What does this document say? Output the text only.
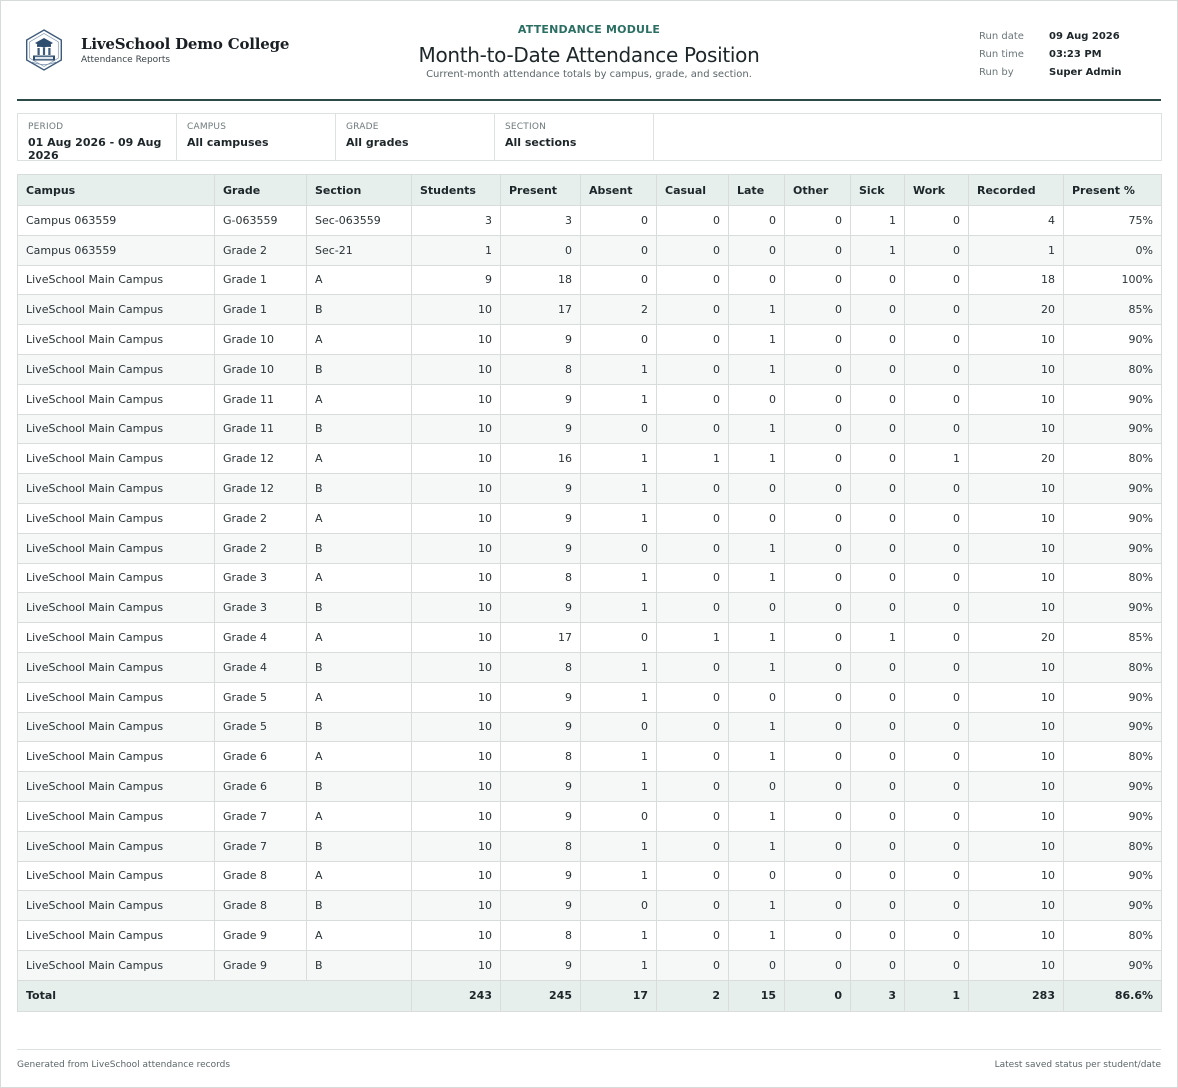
LiveSchool Demo College
Attendance Reports
ATTENDANCE MODULE
Month-to-Date Attendance Position
Current-month attendance totals by campus, grade, and section.
Run date	09 Aug 2026
Run time	03:23 PM
Run by	Super Admin
PERIOD
01 Aug 2026 - 09 Aug 2026
CAMPUS
All campuses
GRADE
All grades
SECTION
All sections
Campus	Grade	Section	Students	Present	Absent	Casual	Late	Other	Sick	Work	Recorded	Present %
Campus 063559	G-063559	Sec-063559	3	3	0	0	0	0	1	0	4	75%
Campus 063559	Grade 2	Sec-21	1	0	0	0	0	0	1	0	1	0%
LiveSchool Main Campus	Grade 1	A	9	18	0	0	0	0	0	0	18	100%
LiveSchool Main Campus	Grade 1	B	10	17	2	0	1	0	0	0	20	85%
LiveSchool Main Campus	Grade 10	A	10	9	0	0	1	0	0	0	10	90%
LiveSchool Main Campus	Grade 10	B	10	8	1	0	1	0	0	0	10	80%
LiveSchool Main Campus	Grade 11	A	10	9	1	0	0	0	0	0	10	90%
LiveSchool Main Campus	Grade 11	B	10	9	0	0	1	0	0	0	10	90%
LiveSchool Main Campus	Grade 12	A	10	16	1	1	1	0	0	1	20	80%
LiveSchool Main Campus	Grade 12	B	10	9	1	0	0	0	0	0	10	90%
LiveSchool Main Campus	Grade 2	A	10	9	1	0	0	0	0	0	10	90%
LiveSchool Main Campus	Grade 2	B	10	9	0	0	1	0	0	0	10	90%
LiveSchool Main Campus	Grade 3	A	10	8	1	0	1	0	0	0	10	80%
LiveSchool Main Campus	Grade 3	B	10	9	1	0	0	0	0	0	10	90%
LiveSchool Main Campus	Grade 4	A	10	17	0	1	1	0	1	0	20	85%
LiveSchool Main Campus	Grade 4	B	10	8	1	0	1	0	0	0	10	80%
LiveSchool Main Campus	Grade 5	A	10	9	1	0	0	0	0	0	10	90%
LiveSchool Main Campus	Grade 5	B	10	9	0	0	1	0	0	0	10	90%
LiveSchool Main Campus	Grade 6	A	10	8	1	0	1	0	0	0	10	80%
LiveSchool Main Campus	Grade 6	B	10	9	1	0	0	0	0	0	10	90%
LiveSchool Main Campus	Grade 7	A	10	9	0	0	1	0	0	0	10	90%
LiveSchool Main Campus	Grade 7	B	10	8	1	0	1	0	0	0	10	80%
LiveSchool Main Campus	Grade 8	A	10	9	1	0	0	0	0	0	10	90%
LiveSchool Main Campus	Grade 8	B	10	9	0	0	1	0	0	0	10	90%
LiveSchool Main Campus	Grade 9	A	10	8	1	0	1	0	0	0	10	80%
LiveSchool Main Campus	Grade 9	B	10	9	1	0	0	0	0	0	10	90%
Total			243	245	17	2	15	0	3	1	283	86.6%
Generated from LiveSchool attendance records	Latest saved status per student/date
